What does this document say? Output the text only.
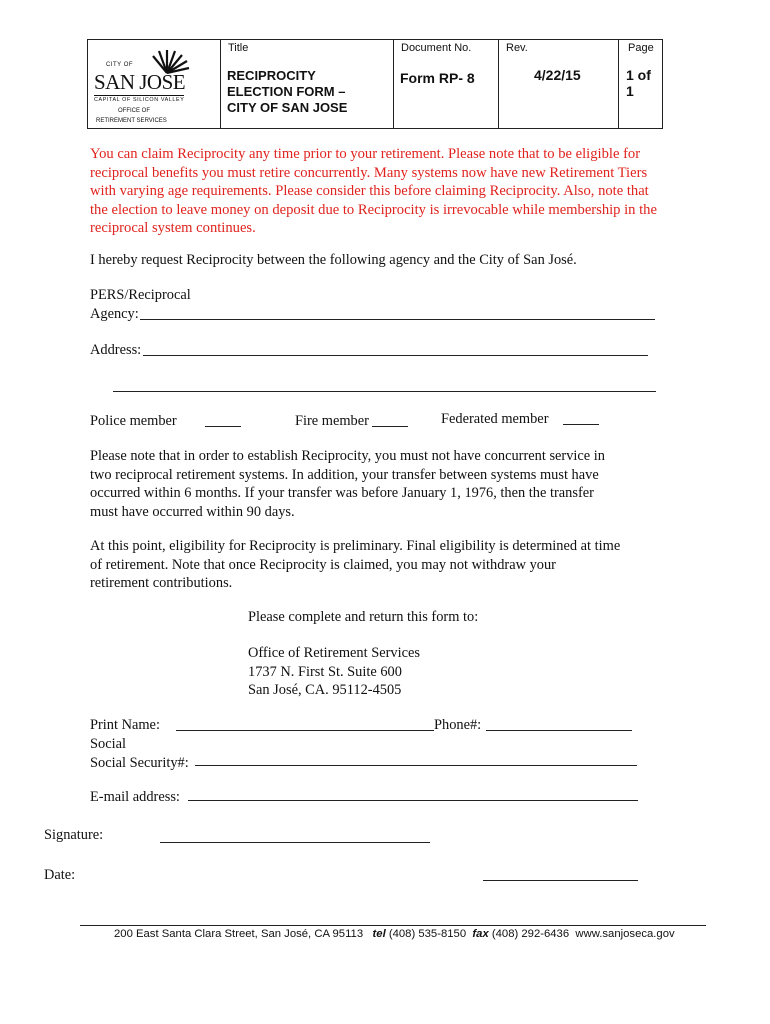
CITY OF
SAN JOSE
CAPITAL OF SILICON VALLEY
OFFICE OF
RETIREMENT SERVICES
Title
RECIPROCITY
ELECTION FORM –
CITY OF SAN JOSE
Document No.
Form RP- 8
Rev.
4/22/15
Page
1 of 1
You can claim Reciprocity any time prior to your retirement. Please note that to be eligible for
reciprocal benefits you must retire concurrently. Many systems now have new Retirement Tiers
with varying age requirements. Please consider this before claiming Reciprocity. Also, note that
the election to leave money on deposit due to Reciprocity is irrevocable while membership in the
reciprocal system continues.
I hereby request Reciprocity between the following agency and the City of San José.
PERS/Reciprocal
Agency:
Address:
Police member	Fire member	Federated member
Please note that in order to establish Reciprocity, you must not have concurrent service in
two reciprocal retirement systems. In addition, your transfer between systems must have
occurred within 6 months. If your transfer was before January 1, 1976, then the transfer
must have occurred within 90 days.
At this point, eligibility for Reciprocity is preliminary. Final eligibility is determined at time
of retirement. Note that once Reciprocity is claimed, you may not withdraw your
retirement contributions.
Please complete and return this form to:
Office of Retirement Services
1737 N. First St. Suite 600
San José, CA. 95112-4505
Print Name:	Phone#:
Social
Social Security#:
E-mail address:
Signature:
Date:
200 East Santa Clara Street, San José, CA 95113 tel (408) 535-8150 fax (408) 292-6436 www.sanjoseca.gov
